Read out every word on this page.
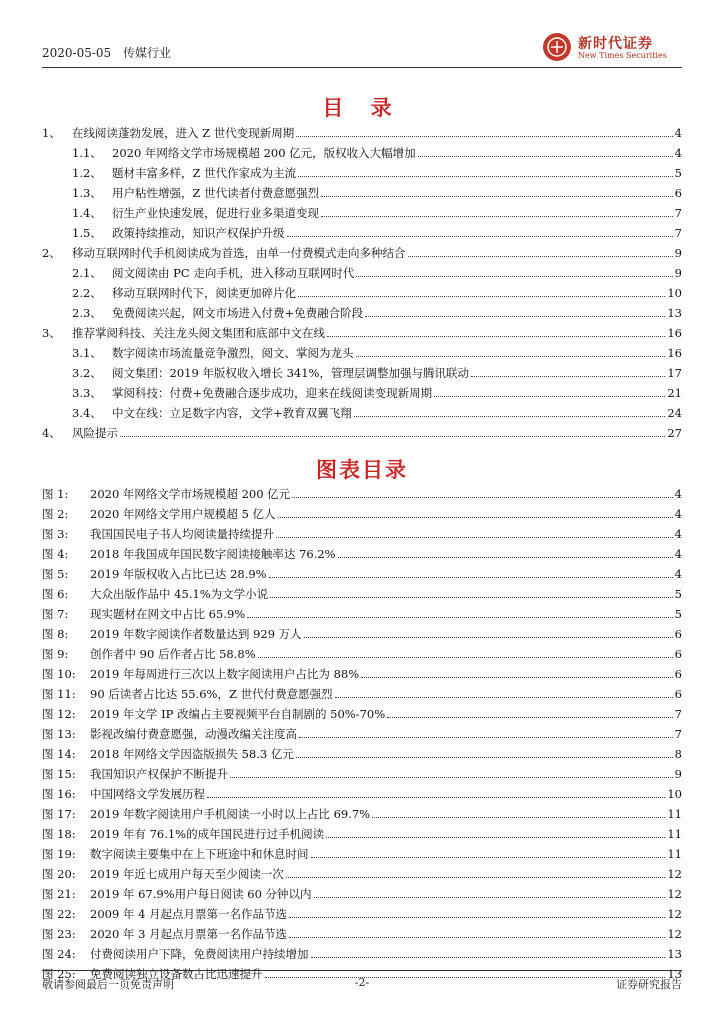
2020-05-05 传媒行业
新时代证券
New Times Securities
目 录
1、 在线阅读蓬勃发展，进入 Z 世代变现新周期	4
1.1、 2020 年网络文学市场规模超 200 亿元，版权收入大幅增加	4
1.2、 题材丰富多样，Z 世代作家成为主流	5
1.3、 用户粘性增强，Z 世代读者付费意愿强烈	6
1.4、 衍生产业快速发展，促进行业多渠道变现	7
1.5、 政策持续推动，知识产权保护升级	7
2、 移动互联网时代手机阅读成为首选，由单一付费模式走向多种结合	9
2.1、 阅文阅读由 PC 走向手机，进入移动互联网时代	9
2.2、 移动互联网时代下，阅读更加碎片化	10
2.3、 免费阅读兴起，网文市场进入付费+免费融合阶段	13
3、 推荐掌阅科技、关注龙头阅文集团和底部中文在线	16
3.1、 数字阅读市场流量竞争激烈，阅文、掌阅为龙头	16
3.2、 阅文集团：2019 年版权收入增长 341%，管理层调整加强与腾讯联动	17
3.3、 掌阅科技：付费+免费融合逐步成功，迎来在线阅读变现新周期	21
3.4、 中文在线：立足数字内容，文学+教育双翼飞翔	24
4、 风险提示	27
图表目录
图 1:	2020 年网络文学市场规模超 200 亿元	4
图 2:	2020 年网络文学用户规模超 5 亿人	4
图 3:	我国国民电子书人均阅读量持续提升	4
图 4:	2018 年我国成年国民数字阅读接触率达 76.2%	4
图 5:	2019 年版权收入占比已达 28.9%	4
图 6:	大众出版作品中 45.1%为文学小说	5
图 7:	现实题材在网文中占比 65.9%	5
图 8:	2019 年数字阅读作者数量达到 929 万人	6
图 9:	创作者中 90 后作者占比 58.8%	6
图 10:	2019 年每周进行三次以上数字阅读用户占比为 88%	6
图 11:	90 后读者占比达 55.6%，Z 世代付费意愿强烈	6
图 12:	2019 年文学 IP 改编占主要视频平台自制剧的 50%-70%	7
图 13:	影视改编付费意愿强，动漫改编关注度高	7
图 14:	2018 年网络文学因盗版损失 58.3 亿元	8
图 15:	我国知识产权保护不断提升	9
图 16:	中国网络文学发展历程	10
图 17:	2019 年数字阅读用户手机阅读一小时以上占比 69.7%	11
图 18:	2019 年有 76.1%的成年国民进行过手机阅读	11
图 19:	数字阅读主要集中在上下班途中和休息时间	11
图 20:	2019 年近七成用户每天至少阅读一次	12
图 21:	2019 年 67.9%用户每日阅读 60 分钟以内	12
图 22:	2009 年 4 月起点月票第一名作品节选	12
图 23:	2020 年 3 月起点月票第一名作品节选	12
图 24:	付费阅读用户下降，免费阅读用户持续增加	13
图 25:	免费阅读独立设备数占比迅速提升	13
敬请参阅最后一页免责声明	-2-	证券研究报告
